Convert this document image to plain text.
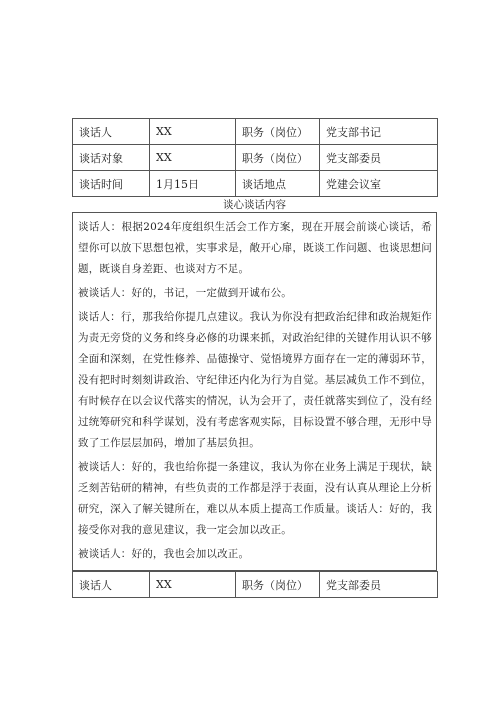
谈话人	XX	职务（岗位）	党支部书记
谈话对象	XX	职务（岗位）	党支部委员
谈话时间	1月15日	谈话地点	党建会议室
谈心谈话内容

谈话人：根据2024年度组织生活会工作方案，现在开展会前谈心谈话，希望你可以放下思想包袱，实事求是，敞开心扉，既谈工作问题、也谈思想问题，既谈自身差距、也谈对方不足。

被谈话人：好的，书记，一定做到开诚布公。

谈话人：行，那我给你提几点建议。我认为你没有把政治纪律和政治规矩作为责无旁贷的义务和终身必修的功课来抓，对政治纪律的关键作用认识不够全面和深刻，在党性修养、品德操守、觉悟境界方面存在一定的薄弱环节，没有把时时刻刻讲政治、守纪律还内化为行为自觉。基层减负工作不到位，有时候存在以会议代落实的情况，认为会开了，责任就落实到位了，没有经过统筹研究和科学谋划，没有考虑客观实际，目标设置不够合理，无形中导致了工作层层加码，增加了基层负担。

被谈话人：好的，我也给你提一条建议，我认为你在业务上满足于现状，缺乏刻苦钻研的精神，有些负责的工作都是浮于表面，没有认真从理论上分析研究，深入了解关键所在，难以从本质上提高工作质量。谈话人：好的，我接受你对我的意见建议，我一定会加以改正。

被谈话人：好的，我也会加以改正。

谈话人	XX	职务（岗位）	党支部委员
